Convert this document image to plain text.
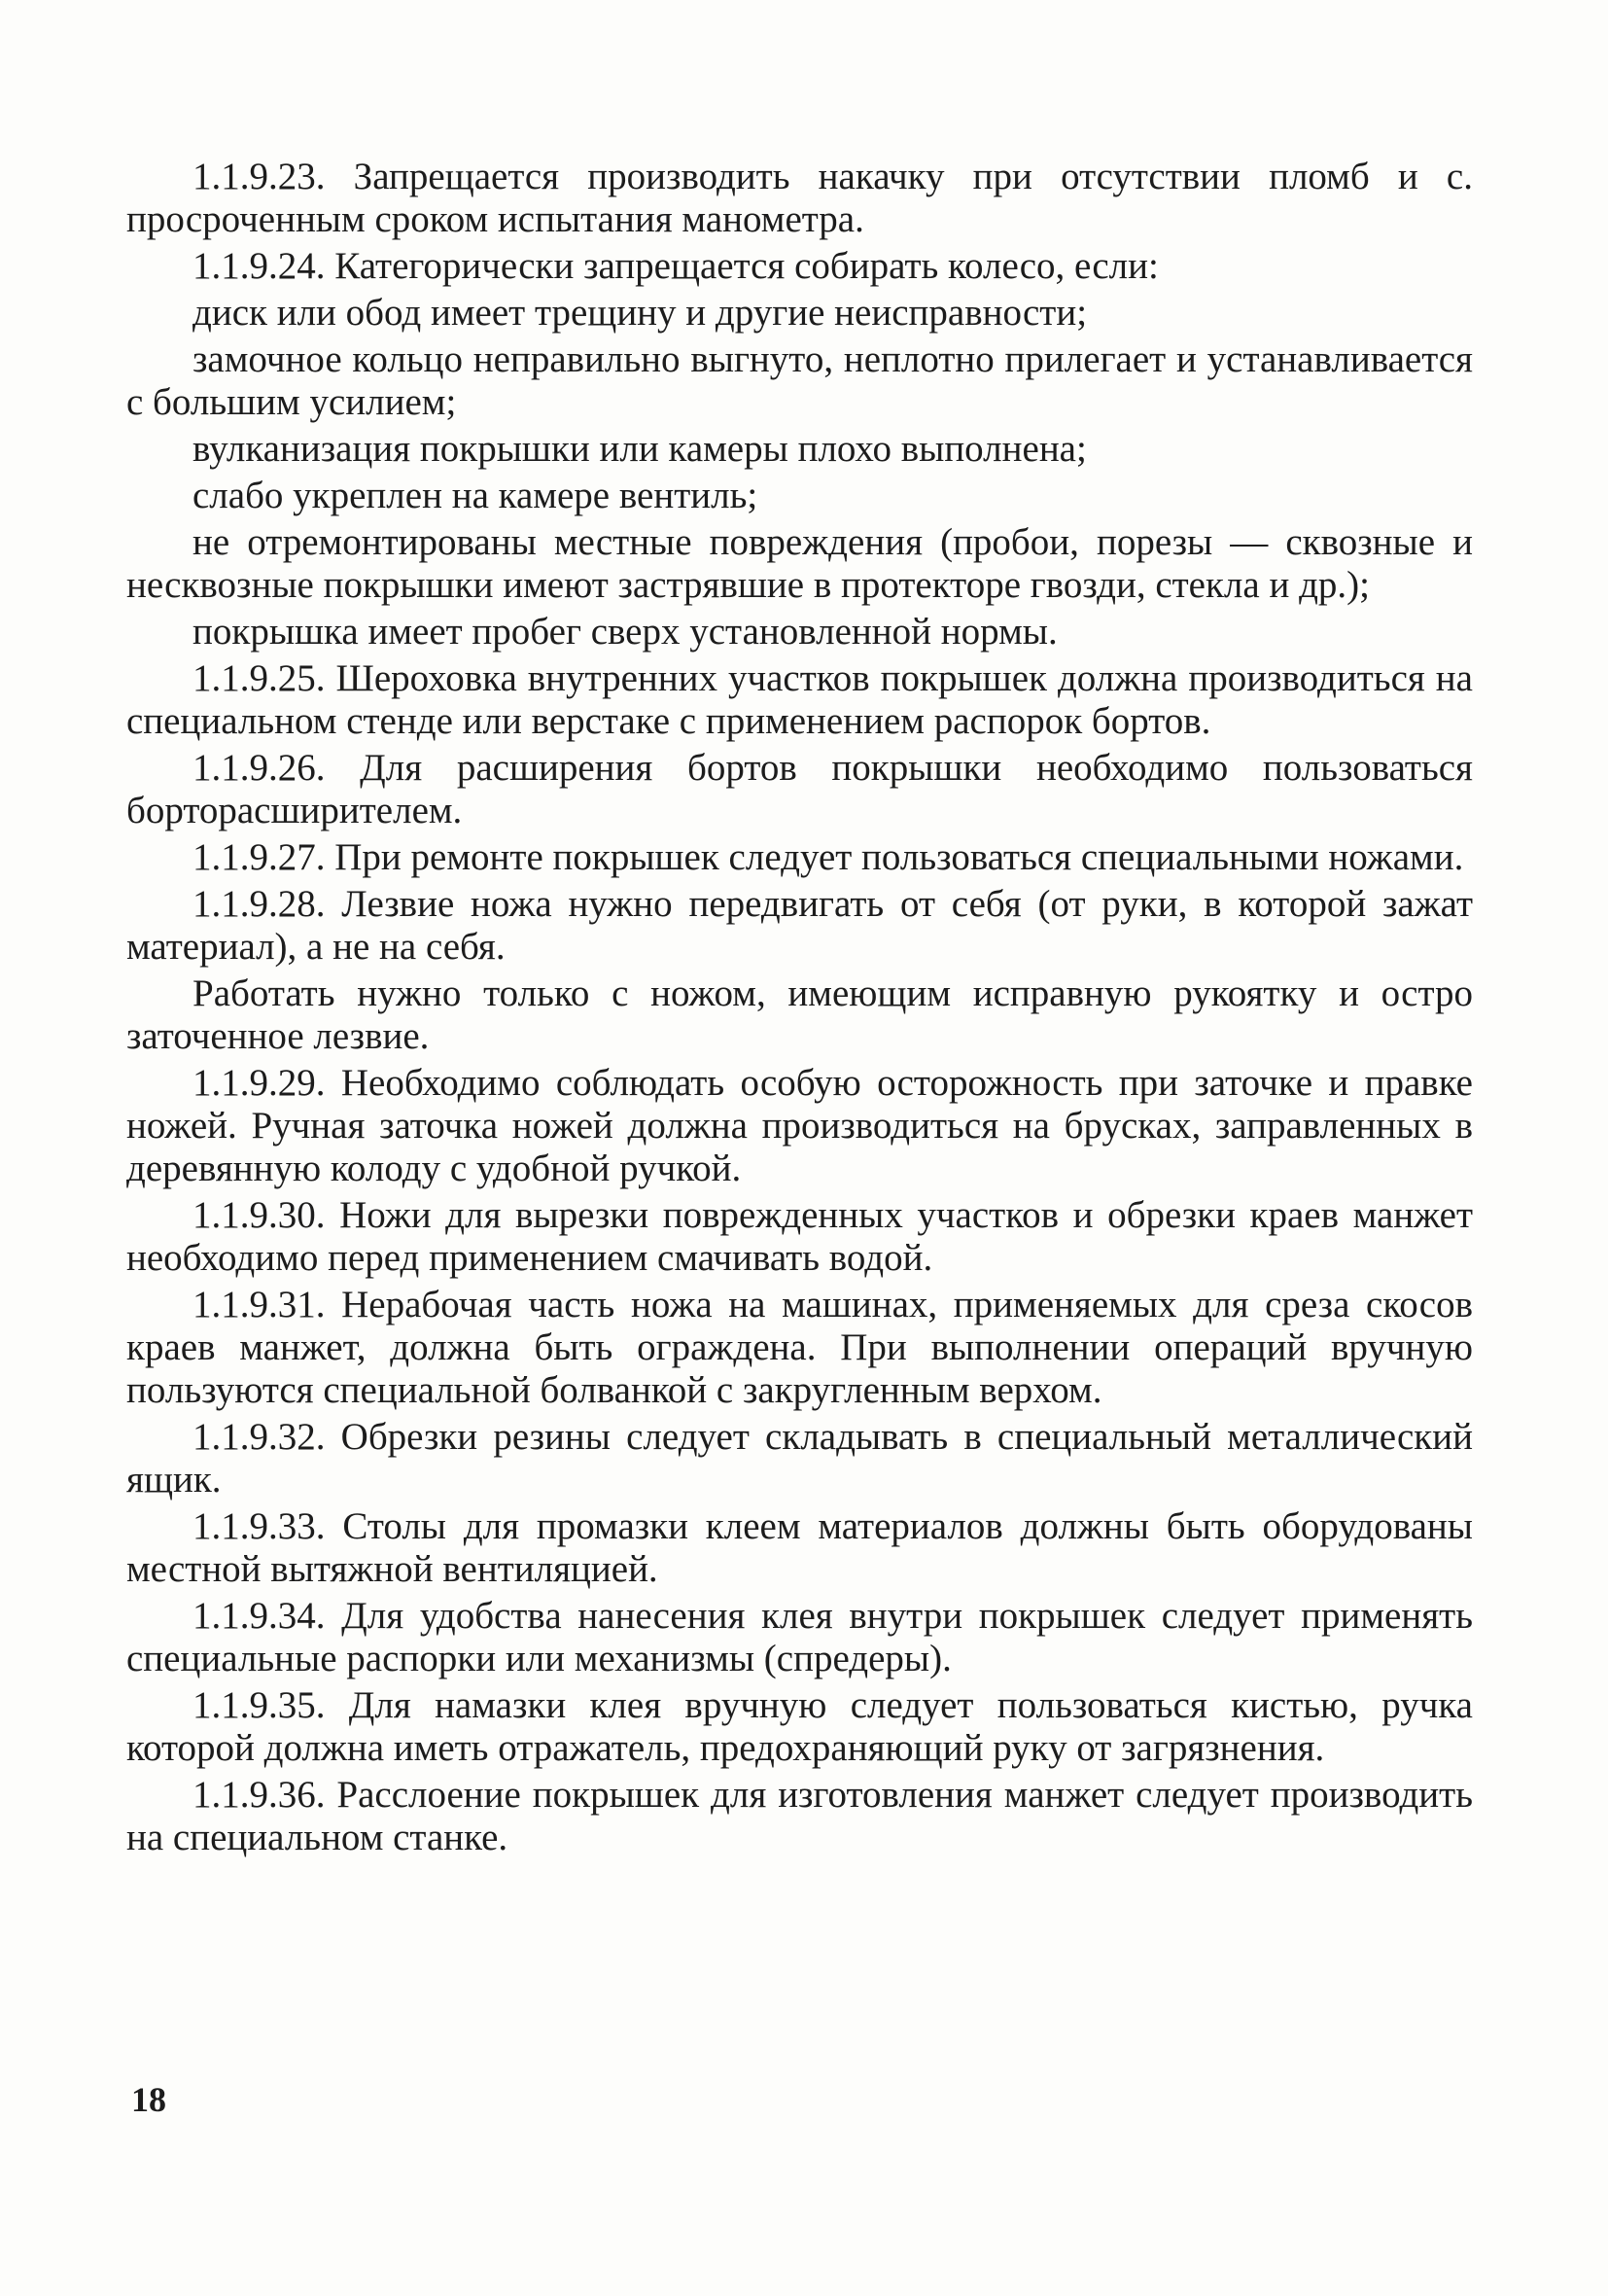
1.1.9.23. Запрещается производить накачку при отсутствии пломб и с. просроченным сроком испытания манометра.

1.1.9.24. Категорически запрещается собирать колесо, если:

диск или обод имеет трещину и другие неисправности;

замочное кольцо неправильно выгнуто, неплотно прилегает и устанавливается с большим усилием;

вулканизация покрышки или камеры плохо выполнена;

слабо укреплен на камере вентиль;

не отремонтированы местные повреждения (пробои, порезы — сквозные и несквозные покрышки имеют застрявшие в протекторе гвозди, стекла и др.);

покрышка имеет пробег сверх установленной нормы.

1.1.9.25. Шероховка внутренних участков покрышек должна производиться на специальном стенде или верстаке с применением распорок бортов.

1.1.9.26. Для расширения бортов покрышки необходимо пользоваться борторасширителем.

1.1.9.27. При ремонте покрышек следует пользоваться специальными ножами.

1.1.9.28. Лезвие ножа нужно передвигать от себя (от руки, в которой зажат материал), а не на себя.

Работать нужно только с ножом, имеющим исправную рукоятку и остро заточенное лезвие.

1.1.9.29. Необходимо соблюдать особую осторожность при заточке и правке ножей. Ручная заточка ножей должна производиться на брусках, заправленных в деревянную колоду с удобной ручкой.

1.1.9.30. Ножи для вырезки поврежденных участков и обрезки краев манжет необходимо перед применением смачивать водой.

1.1.9.31. Нерабочая часть ножа на машинах, применяемых для среза скосов краев манжет, должна быть ограждена. При выполнении операций вручную пользуются специальной болванкой с закругленным верхом.

1.1.9.32. Обрезки резины следует складывать в специальный металлический ящик.

1.1.9.33. Столы для промазки клеем материалов должны быть оборудованы местной вытяжной вентиляцией.

1.1.9.34. Для удобства нанесения клея внутри покрышек следует применять специальные распорки или механизмы (спредеры).

1.1.9.35. Для намазки клея вручную следует пользоваться кистью, ручка которой должна иметь отражатель, предохраняющий руку от загрязнения.

1.1.9.36. Расслоение покрышек для изготовления манжет следует производить на специальном станке.

18
